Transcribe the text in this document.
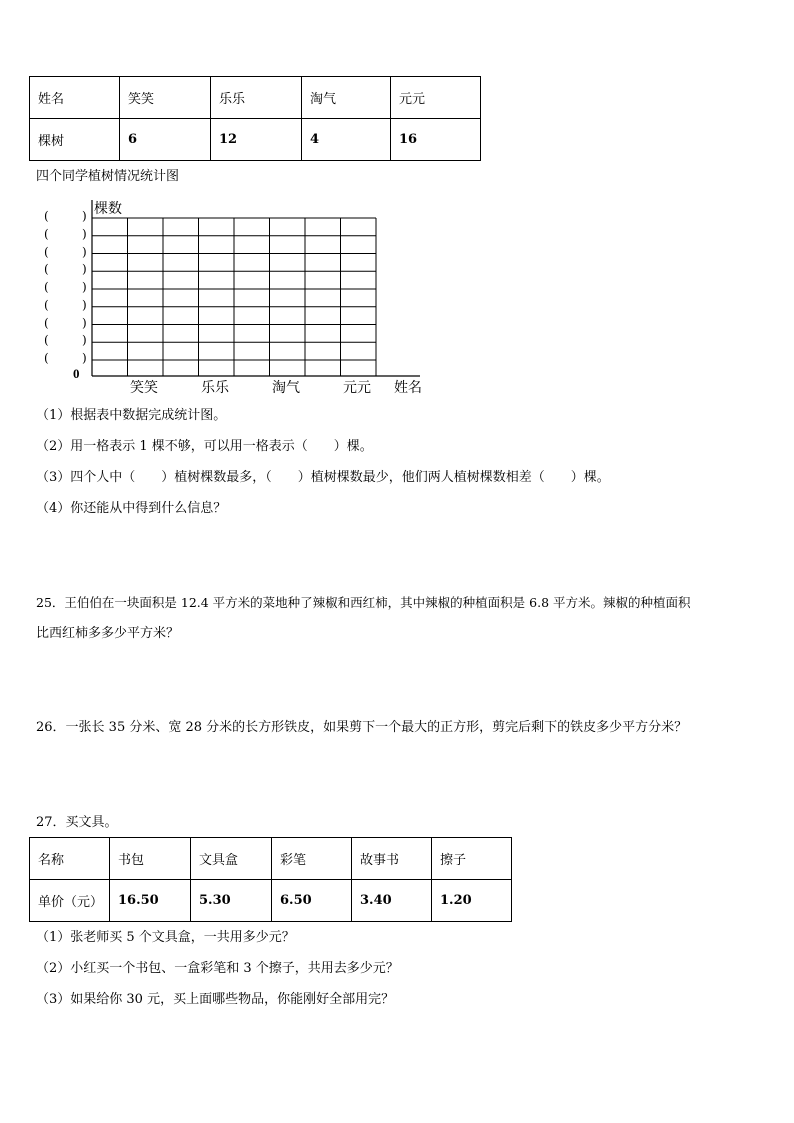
姓名	笑笑	乐乐	淘气	元元
棵树	6	12	4	16
四个同学植树情况统计图
棵数
0
(	)
(	)
(	)
(	)
(	)
(	)
(	)
(	)
(	)
笑笑	乐乐	淘气	元元 姓名
（1）根据表中数据完成统计图。
（2）用一格表示 1 棵不够，可以用一格表示（　　）棵。
（3）四个人中（　　）植树棵数最多，（　　）植树棵数最少，他们两人植树棵数相差（　　）棵。
（4）你还能从中得到什么信息？
25．王伯伯在一块面积是 12.4 平方米的菜地种了辣椒和西红柿，其中辣椒的种植面积是 6.8 平方米。辣椒的种植面积
比西红柿多多少平方米？
26．一张长 35 分米、宽 28 分米的长方形铁皮，如果剪下一个最大的正方形，剪完后剩下的铁皮多少平方分米？
27．买文具。
名称	书包	文具盒	彩笔	故事书	擦子
单价（元）	16.50	5.30	6.50	3.40	1.20
（1）张老师买 5 个文具盒，一共用多少元？
（2）小红买一个书包、一盒彩笔和 3 个擦子，共用去多少元？
（3）如果给你 30 元，买上面哪些物品，你能刚好全部用完？
